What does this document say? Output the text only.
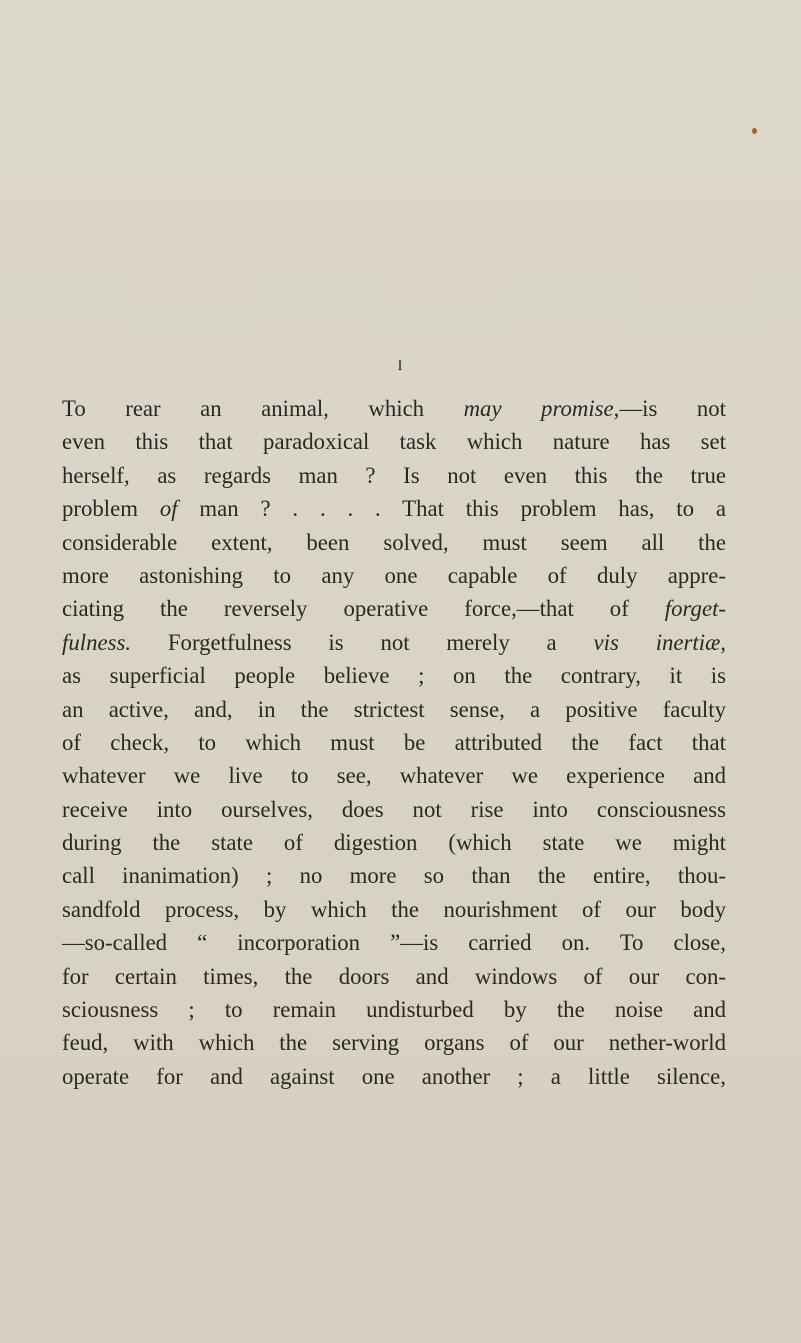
I
To rear an animal, which may promise,—is not
even this that paradoxical task which nature has set
herself, as regards man ? Is not even this the true
problem of man ? . . . . That this problem has, to a
considerable extent, been solved, must seem all the
more astonishing to any one capable of duly appre-
ciating the reversely operative force,—that of forget-
fulness. Forgetfulness is not merely a vis inertiæ,
as superficial people believe ; on the contrary, it is
an active, and, in the strictest sense, a positive faculty
of check, to which must be attributed the fact that
whatever we live to see, whatever we experience and
receive into ourselves, does not rise into consciousness
during the state of digestion (which state we might
call inanimation) ; no more so than the entire, thou-
sandfold process, by which the nourishment of our body
—so-called “ incorporation ”—is carried on. To close,
for certain times, the doors and windows of our con-
sciousness ; to remain undisturbed by the noise and
feud, with which the serving organs of our nether-world
operate for and against one another ; a little silence,
